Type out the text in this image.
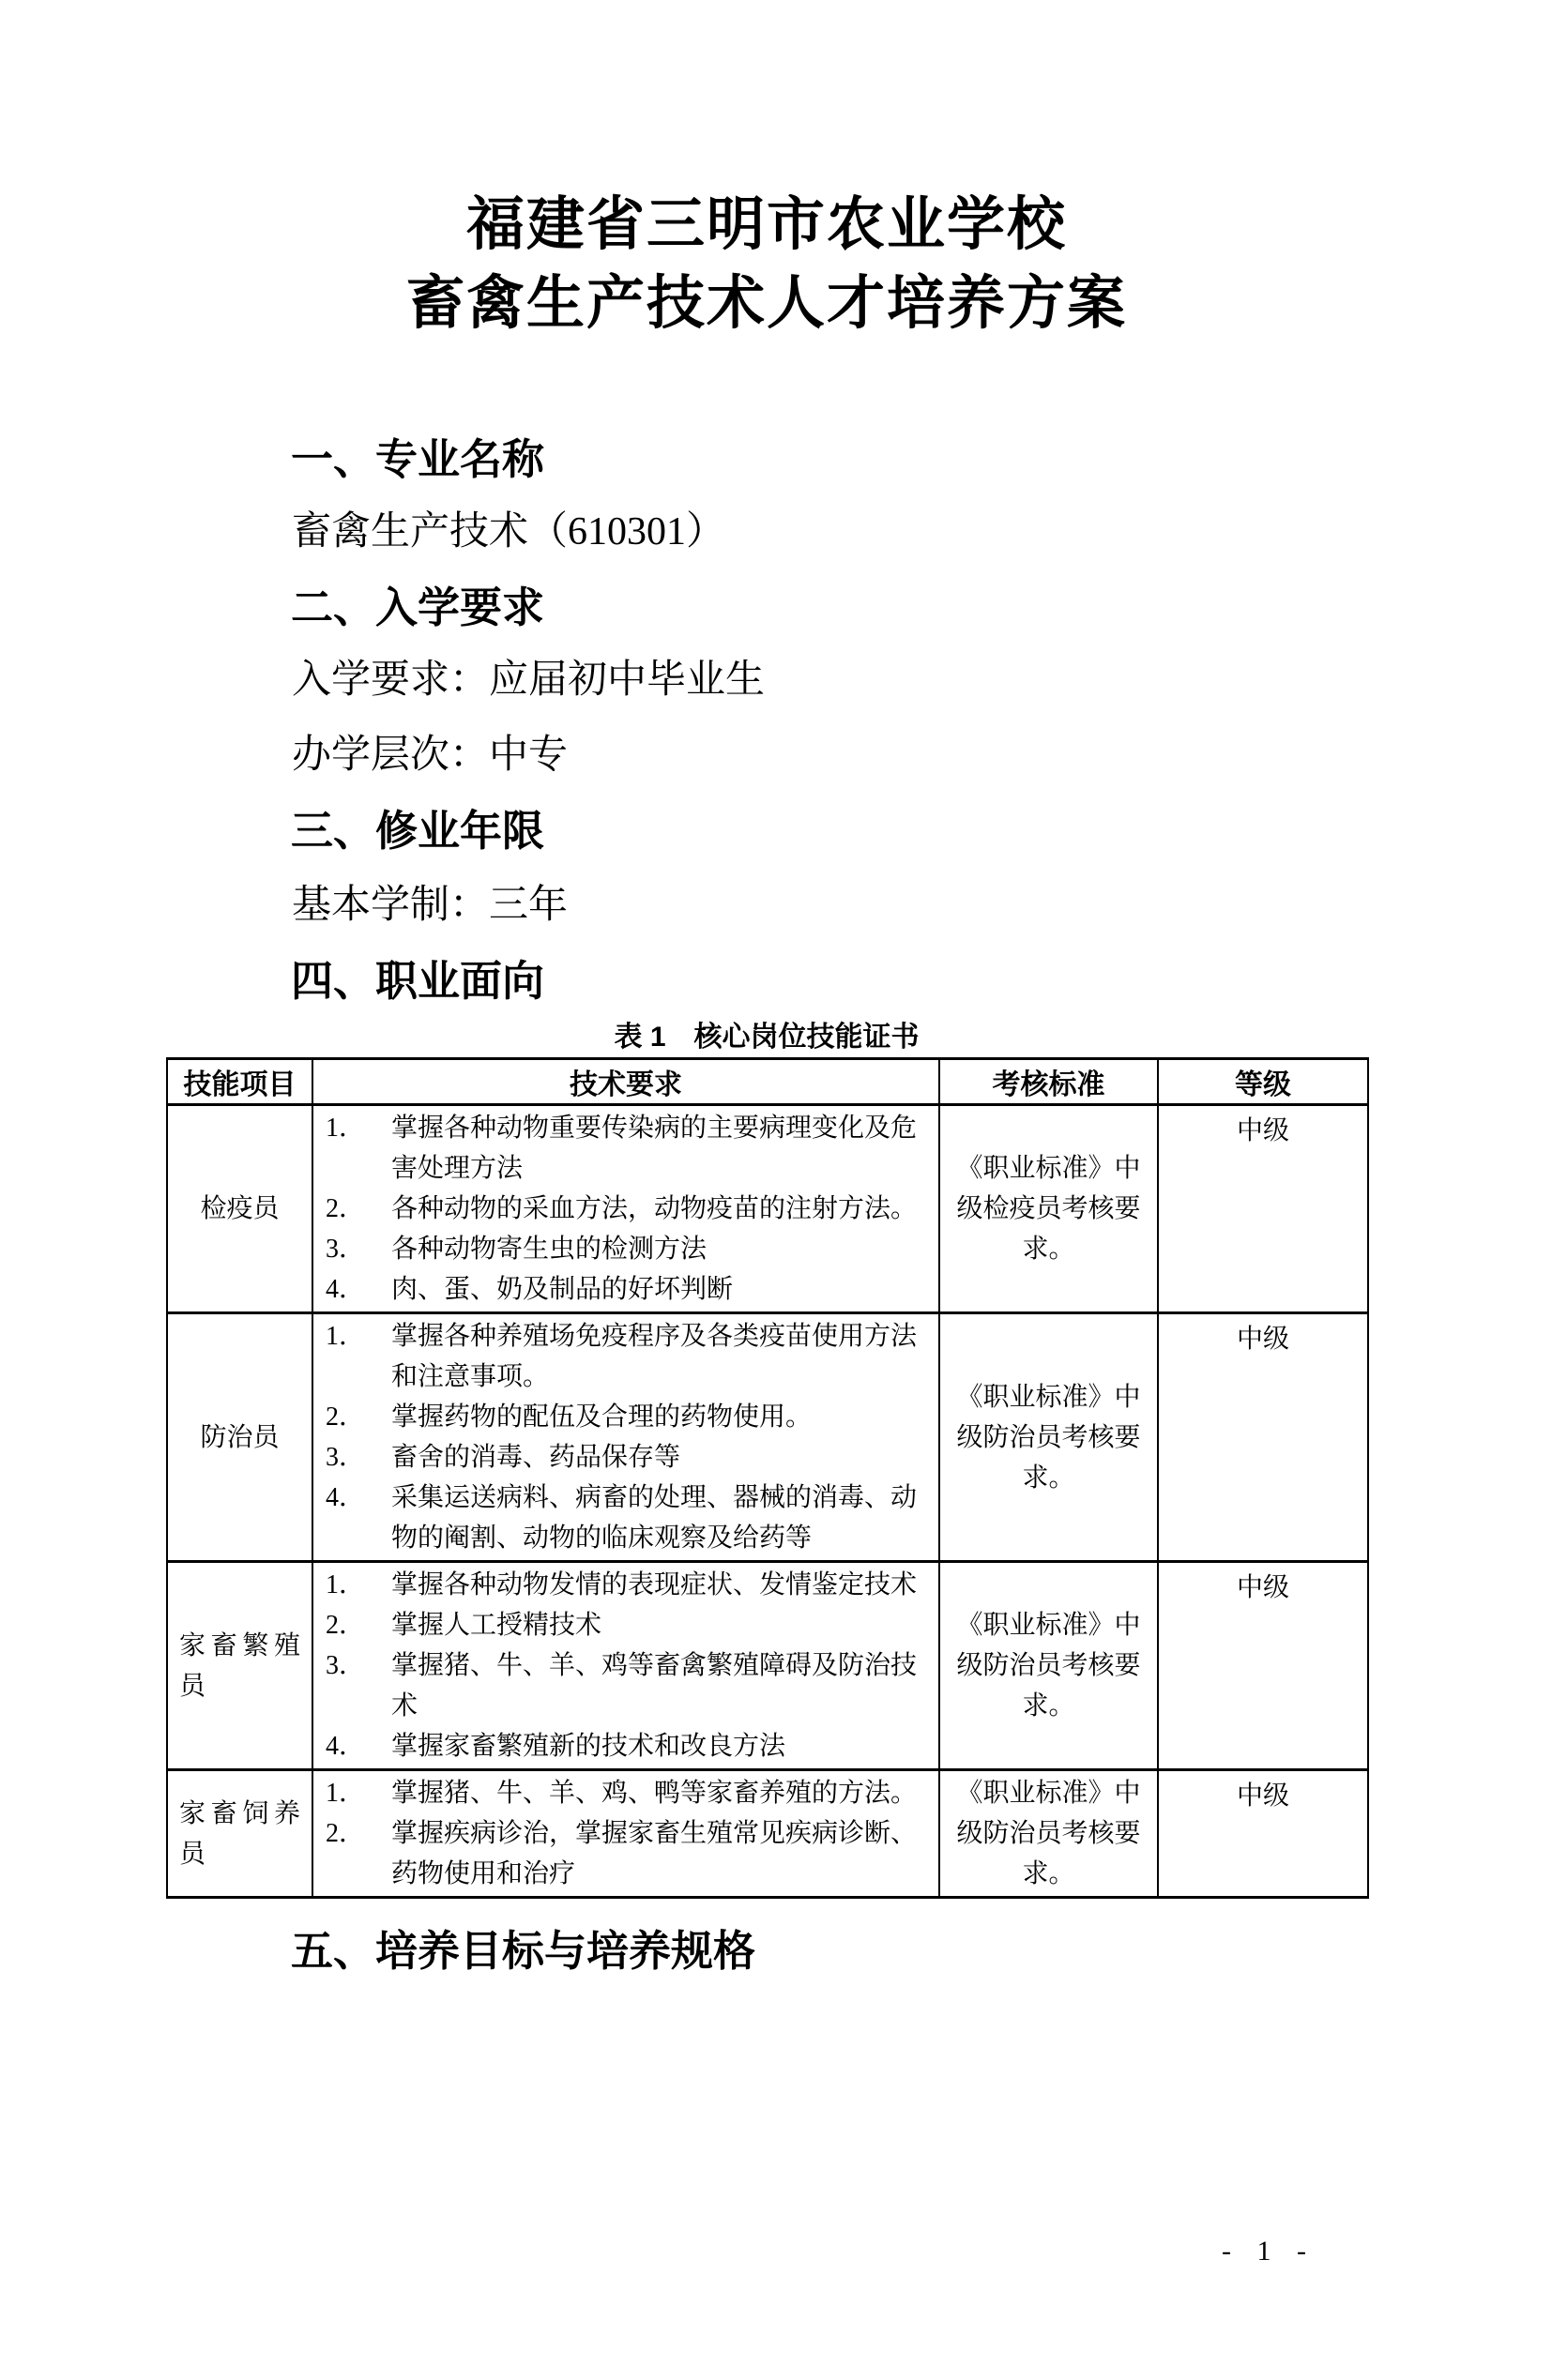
福建省三明市农业学校
畜禽生产技术人才培养方案
一、专业名称
畜禽生产技术（610301）
二、入学要求
入学要求：应届初中毕业生
办学层次：中专
三、修业年限
基本学制：三年
四、职业面向
表 1　核心岗位技能证书
技能项目	技术要求	考核标准	等级
检疫员	1． 掌握各种动物重要传染病的主要病理变化及危害处理方法
2． 各种动物的采血方法，动物疫苗的注射方法。
3． 各种动物寄生虫的检测方法
4． 肉、蛋、奶及制品的好坏判断	《职业标准》中级检疫员考核要求。	中级
防治员	1． 掌握各种养殖场免疫程序及各类疫苗使用方法和注意事项。
2． 掌握药物的配伍及合理的药物使用。
3． 畜舍的消毒、药品保存等
4． 采集运送病料、病畜的处理、器械的消毒、动物的阉割、动物的临床观察及给药等	《职业标准》中级防治员考核要求。	中级
家畜繁殖员	1． 掌握各种动物发情的表现症状、发情鉴定技术
2． 掌握人工授精技术
3． 掌握猪、牛、羊、鸡等畜禽繁殖障碍及防治技术
4． 掌握家畜繁殖新的技术和改良方法	《职业标准》中级防治员考核要求。	中级
家畜饲养员	1． 掌握猪、牛、羊、鸡、鸭等家畜养殖的方法。
2． 掌握疾病诊治，掌握家畜生殖常见疾病诊断、药物使用和治疗	《职业标准》中级防治员考核要求。	中级
五、培养目标与培养规格
- 1 -
